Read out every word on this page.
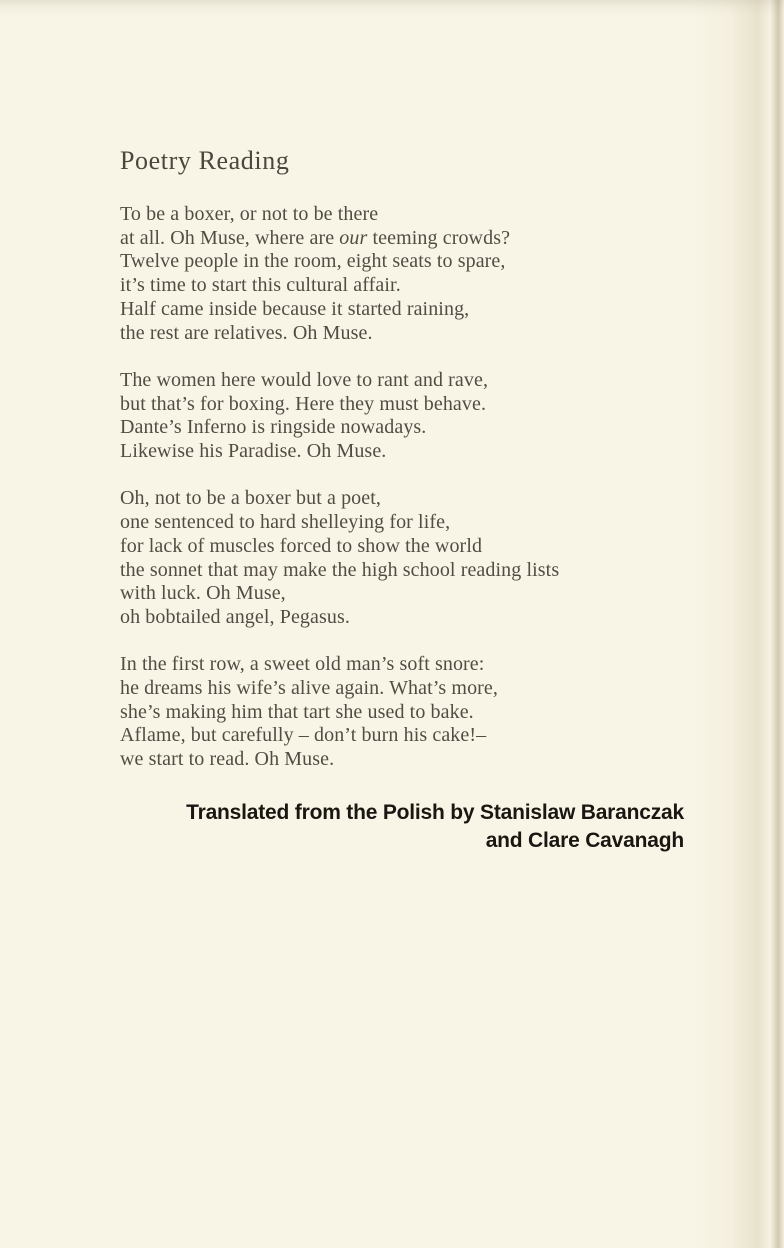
Poetry Reading
To be a boxer, or not to be there
at all. Oh Muse, where are our teeming crowds?
Twelve people in the room, eight seats to spare,
it’s time to start this cultural affair.
Half came inside because it started raining,
the rest are relatives. Oh Muse.
The women here would love to rant and rave,
but that’s for boxing. Here they must behave.
Dante’s Inferno is ringside nowadays.
Likewise his Paradise. Oh Muse.
Oh, not to be a boxer but a poet,
one sentenced to hard shelleying for life,
for lack of muscles forced to show the world
the sonnet that may make the high school reading lists
with luck. Oh Muse,
oh bobtailed angel, Pegasus.
In the first row, a sweet old man’s soft snore:
he dreams his wife’s alive again. What’s more,
she’s making him that tart she used to bake.
Aflame, but carefully – don’t burn his cake!–
we start to read. Oh Muse.
Translated from the Polish by Stanislaw Baranczak
and Clare Cavanagh
